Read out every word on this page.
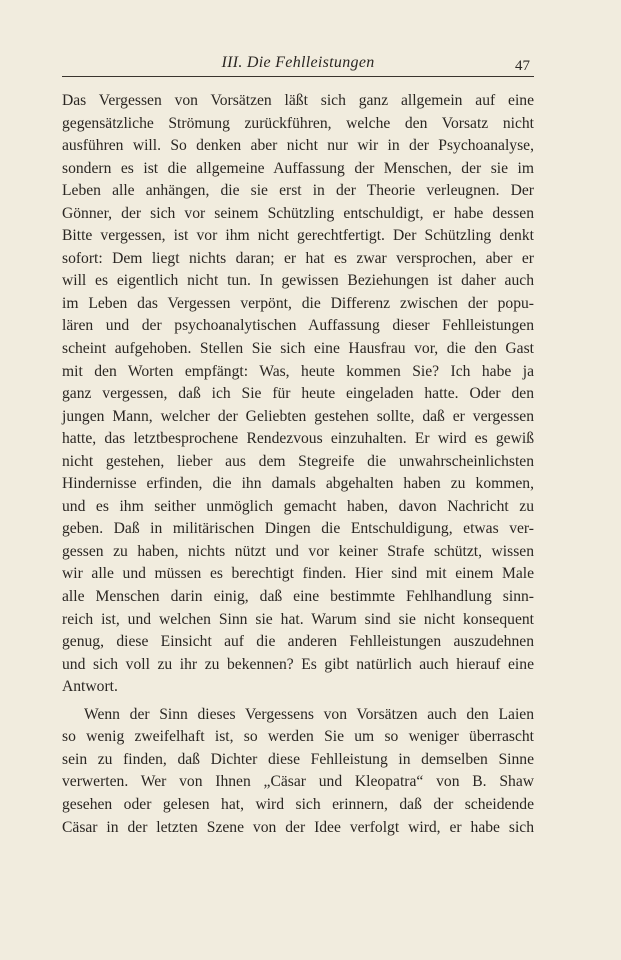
III. Die Fehlleistungen	47
Das Vergessen von Vorsätzen läßt sich ganz allgemein auf eine
gegensätzliche Strömung zurückführen, welche den Vorsatz nicht
ausführen will. So denken aber nicht nur wir in der Psychoanalyse,
sondern es ist die allgemeine Auffassung der Menschen, der sie im
Leben alle anhängen, die sie erst in der Theorie verleugnen. Der
Gönner, der sich vor seinem Schützling entschuldigt, er habe dessen
Bitte vergessen, ist vor ihm nicht gerechtfertigt. Der Schützling denkt
sofort: Dem liegt nichts daran; er hat es zwar versprochen, aber er
will es eigentlich nicht tun. In gewissen Beziehungen ist daher auch
im Leben das Vergessen verpönt, die Differenz zwischen der popu-
lären und der psychoanalytischen Auffassung dieser Fehlleistungen
scheint aufgehoben. Stellen Sie sich eine Hausfrau vor, die den Gast
mit den Worten empfängt: Was, heute kommen Sie? Ich habe ja
ganz vergessen, daß ich Sie für heute eingeladen hatte. Oder den
jungen Mann, welcher der Geliebten gestehen sollte, daß er vergessen
hatte, das letztbesprochene Rendezvous einzuhalten. Er wird es gewiß
nicht gestehen, lieber aus dem Stegreife die unwahrscheinlichsten
Hindernisse erfinden, die ihn damals abgehalten haben zu kommen,
und es ihm seither unmöglich gemacht haben, davon Nachricht zu
geben. Daß in militärischen Dingen die Entschuldigung, etwas ver-
gessen zu haben, nichts nützt und vor keiner Strafe schützt, wissen
wir alle und müssen es berechtigt finden. Hier sind mit einem Male
alle Menschen darin einig, daß eine bestimmte Fehlhandlung sinn-
reich ist, und welchen Sinn sie hat. Warum sind sie nicht konsequent
genug, diese Einsicht auf die anderen Fehlleistungen auszudehnen
und sich voll zu ihr zu bekennen? Es gibt natürlich auch hierauf eine
Antwort.
Wenn der Sinn dieses Vergessens von Vorsätzen auch den Laien
so wenig zweifelhaft ist, so werden Sie um so weniger überrascht
sein zu finden, daß Dichter diese Fehlleistung in demselben Sinne
verwerten. Wer von Ihnen „Cäsar und Kleopatra“ von B. Shaw
gesehen oder gelesen hat, wird sich erinnern, daß der scheidende
Cäsar in der letzten Szene von der Idee verfolgt wird, er habe sich
